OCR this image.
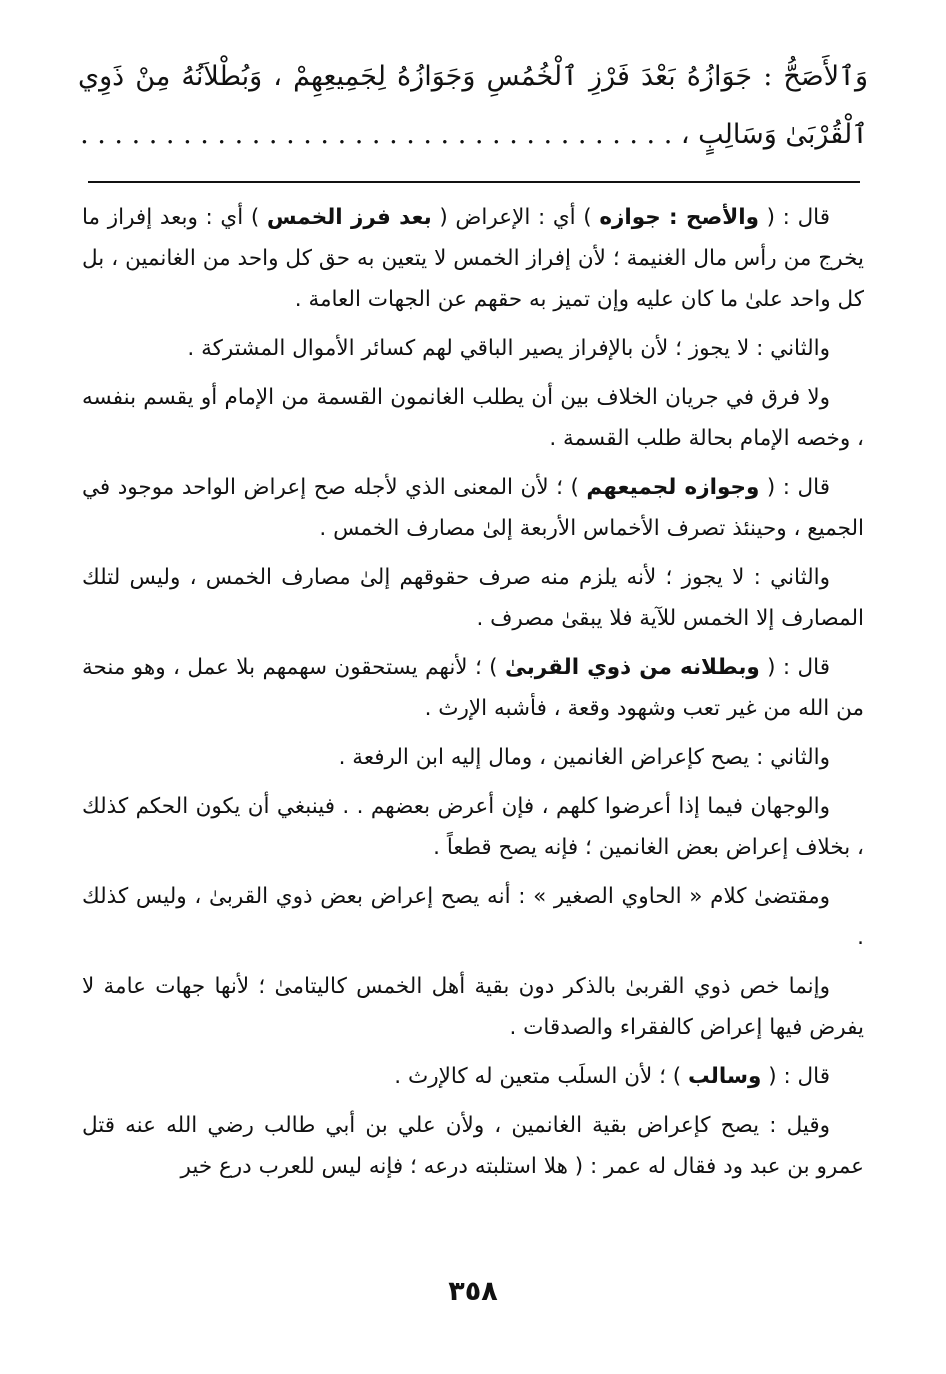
وَٱلأَصَحُّ : جَوَازُهُ بَعْدَ فَرْزِ ٱلْخُمُسِ وَجَوَازُهُ لِجَمِيعِهِمْ ، وَبُطْلاَنُهُ مِنْ ذَوِي ٱلْقُرْبَىٰ وَسَالِبٍ ، . . . . . . . . . . . . . . . . . . . . . . . . . . . . . . . . . . .

قال : ( والأصح : جوازه ) أي : الإعراض ( بعد فرز الخمس ) أي : وبعد إفراز ما يخرج من رأس مال الغنيمة ؛ لأن إفراز الخمس لا يتعين به حق كل واحد من الغانمين ، بل كل واحد علىٰ ما كان عليه وإن تميز به حقهم عن الجهات العامة .

والثاني : لا يجوز ؛ لأن بالإفراز يصير الباقي لهم كسائر الأموال المشتركة .

ولا فرق في جريان الخلاف بين أن يطلب الغانمون القسمة من الإمام أو يقسم بنفسه ، وخصه الإمام بحالة طلب القسمة .

قال : ( وجوازه لجميعهم ) ؛ لأن المعنى الذي لأجله صح إعراض الواحد موجود في الجميع ، وحينئذ تصرف الأخماس الأربعة إلىٰ مصارف الخمس .

والثاني : لا يجوز ؛ لأنه يلزم منه صرف حقوقهم إلىٰ مصارف الخمس ، وليس لتلك المصارف إلا الخمس للآية فلا يبقىٰ مصرف .

قال : ( وبطلانه من ذوي القربىٰ ) ؛ لأنهم يستحقون سهمهم بلا عمل ، وهو منحة من الله من غير تعب وشهود وقعة ، فأشبه الإرث .

والثاني : يصح كإعراض الغانمين ، ومال إليه ابن الرفعة .

والوجهان فيما إذا أعرضوا كلهم ، فإن أعرض بعضهم . . فينبغي أن يكون الحكم كذلك ، بخلاف إعراض بعض الغانمين ؛ فإنه يصح قطعاً .

ومقتضىٰ كلام « الحاوي الصغير » : أنه يصح إعراض بعض ذوي القربىٰ ، وليس كذلك .

وإنما خص ذوي القربىٰ بالذكر دون بقية أهل الخمس كاليتامىٰ ؛ لأنها جهات عامة لا يفرض فيها إعراض كالفقراء والصدقات .

قال : ( وسالب ) ؛ لأن السلَب متعين له كالإرث .

وقيل : يصح كإعراض بقية الغانمين ، ولأن علي بن أبي طالب رضي الله عنه قتل عمرو بن عبد ود فقال له عمر : ( هلا استلبته درعه ؛ فإنه ليس للعرب درع خير

٣٥٨
